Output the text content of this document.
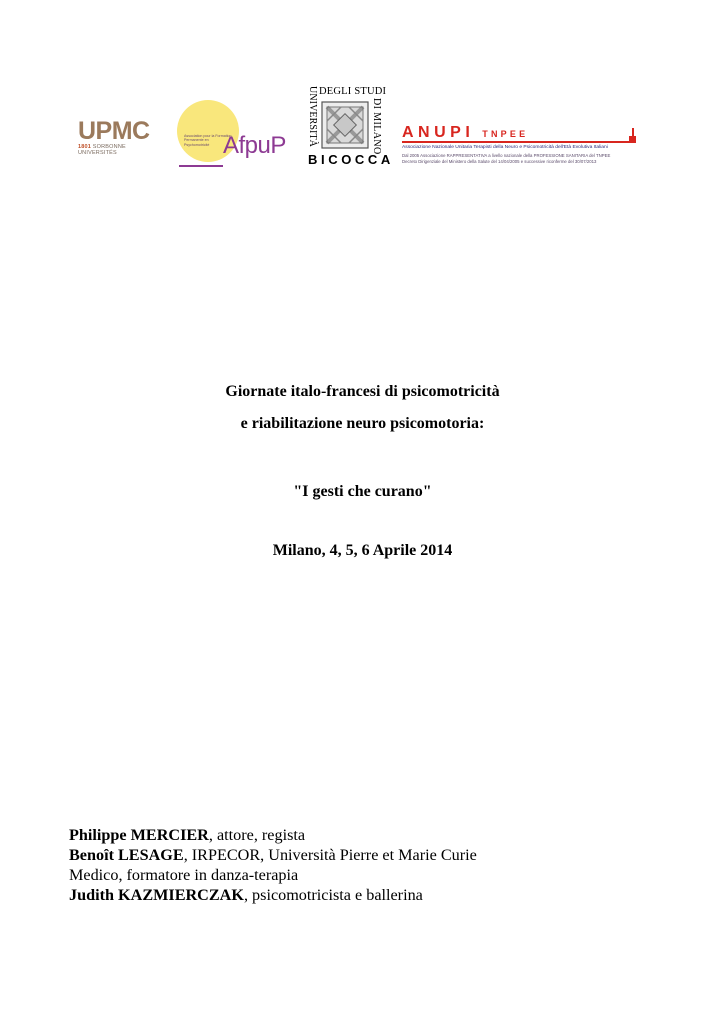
UPMC
1801 SORBONNE UNIVERSITÉS
Association pour la Formation Permanente en Psychomotricité AfpuP UNIVERSITÀ DEGLI STUDI
DI MILANO
BICOCCA
ANUPI TNPEE
Associazione Nazionale Unitaria Terapisti della Neuro e Psicomotricità dell'Età Evolutiva Italiani
Dal 2005 Associazione RAPPRESENTATIVA a livello nazionale della PROFESSIONE SANITARIA del TNPEE
Decreto Dirigenziale del Ministero della Salute del 14/04/2005 e successive riconferme del 30/07/2013
Giornate italo-francesi di psicomotricità
e riabilitazione neuro psicomotoria:
"I gesti che curano"
Milano, 4, 5, 6 Aprile 2014
Philippe MERCIER, attore, regista
Benoît LESAGE, IRPECOR, Università Pierre et Marie Curie
Medico, formatore in danza-terapia
Judith KAZMIERCZAK, psicomotricista e ballerina
